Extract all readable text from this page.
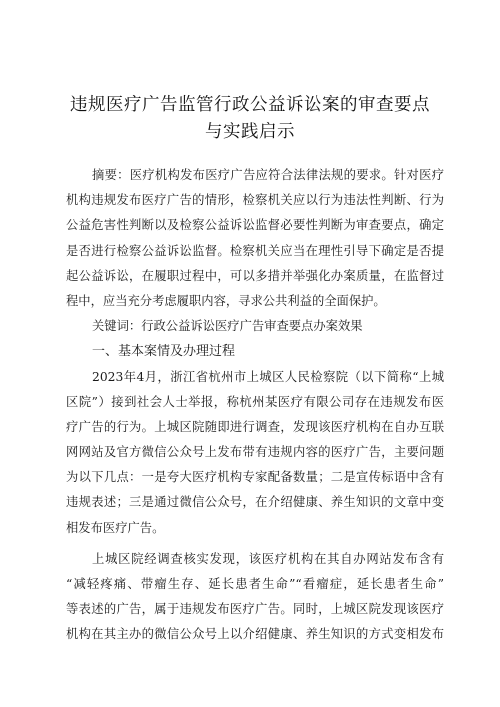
违规医疗广告监管行政公益诉讼案的审查要点
与实践启示
摘要：医疗机构发布医疗广告应符合法律法规的要求。针对医疗
机构违规发布医疗广告的情形，检察机关应以行为违法性判断、行为
公益危害性判断以及检察公益诉讼监督必要性判断为审查要点，确定
是否进行检察公益诉讼监督。检察机关应当在理性引导下确定是否提
起公益诉讼，在履职过程中，可以多措并举强化办案质量，在监督过
程中，应当充分考虑履职内容，寻求公共利益的全面保护。
关键词：行政公益诉讼医疗广告审查要点办案效果
一、基本案情及办理过程
2023年4月，浙江省杭州市上城区人民检察院（以下简称“上城
区院”）接到社会人士举报，称杭州某医疗有限公司存在违规发布医
疗广告的行为。上城区院随即进行调查，发现该医疗机构在自办互联
网网站及官方微信公众号上发布带有违规内容的医疗广告，主要问题
为以下几点：一是夸大医疗机构专家配备数量；二是宣传标语中含有
违规表述；三是通过微信公众号，在介绍健康、养生知识的文章中变
相发布医疗广告。
上城区院经调查核实发现，该医疗机构在其自办网站发布含有
“减轻疼痛、带瘤生存、延长患者生命”“看瘤症，延长患者生命”
等表述的广告，属于违规发布医疗广告。同时，上城区院发现该医疗
机构在其主办的微信公众号上以介绍健康、养生知识的方式变相发布
